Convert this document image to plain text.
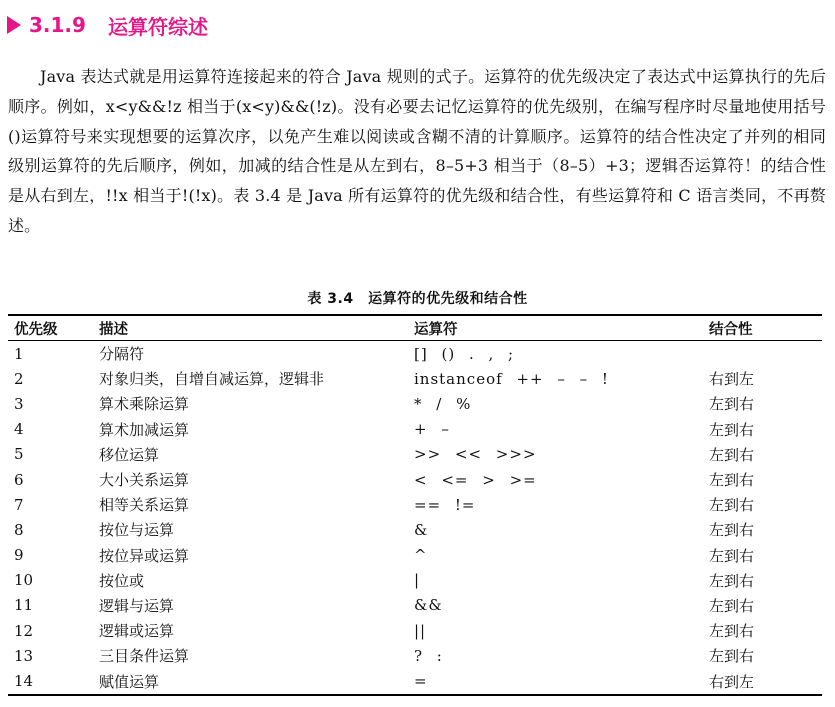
3.1.9 运算符综述

Java 表达式就是用运算符连接起来的符合 Java 规则的式子。运算符的优先级决定了表达式中运算执行的先后顺序。例如，x<y&&!z 相当于(x<y)&&(!z)。没有必要去记忆运算符的优先级别，在编写程序时尽量地使用括号()运算符号来实现想要的运算次序，以免产生难以阅读或含糊不清的计算顺序。运算符的结合性决定了并列的相同级别运算符的先后顺序，例如，加减的结合性是从左到右，8–5+3 相当于（8–5）+3；逻辑否运算符！的结合性是从右到左，!!x 相当于!(!x)。表 3.4 是 Java 所有运算符的优先级和结合性，有些运算符和 C 语言类同，不再赘述。

表 3.4　运算符的优先级和结合性
优先级	描述	运算符	结合性
1	分隔符	[] () . , ;	
2	对象归类，自增自减运算，逻辑非	instanceof ++ – – !	右到左
3	算术乘除运算	* / %	左到右
4	算术加减运算	+ –	左到右
5	移位运算	>> << >>>	左到右
6	大小关系运算	< <= > >=	左到右
7	相等关系运算	== !=	左到右
8	按位与运算	&	左到右
9	按位异或运算	^	左到右
10	按位或	|	左到右
11	逻辑与运算	&&	左到右
12	逻辑或运算	||	左到右
13	三目条件运算	? :	左到右
14	赋值运算	=	右到左
